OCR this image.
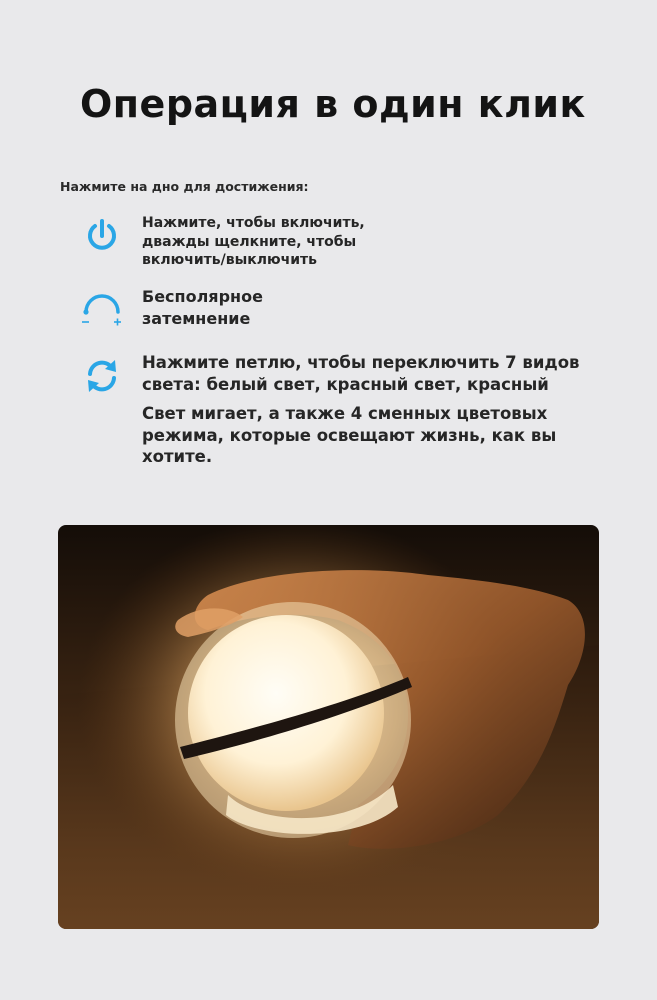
Операция в один клик
Нажмите на дно для достижения:
Нажмите, чтобы включить,
дважды щелкните, чтобы
включить/выключить
Бесполярное
затемнение
Нажмите петлю, чтобы переключить 7 видов
света: белый свет, красный свет, красный
Свет мигает, а также 4 сменных цветовых
режима, которые освещают жизнь, как вы
хотите.
